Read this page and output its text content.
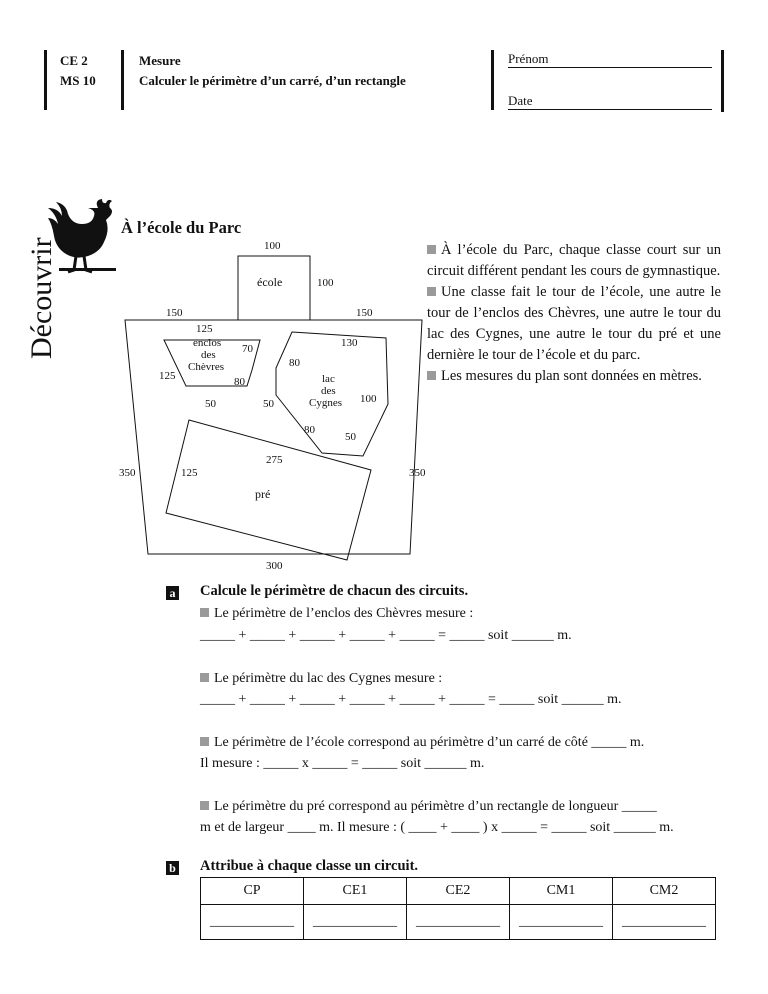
CE 2
MS 10
Mesure
Calculer le périmètre d’un carré, d’un rectangle
Prénom
Date
Découvrir
À l’école du Parc
100
école	100
150	150
125
enclos
des
Chèvres
70
80
125
50
130
80
lac
des
Cygnes 100
50
80
50
275
350	125	350
pré
300
À l’école du Parc, chaque classe court sur un circuit différent pendant les cours de gymnastique.
Une classe fait le tour de l’école, une autre le tour de l’enclos des Chèvres, une autre le tour du lac des Cygnes, une autre le tour du pré et une dernière le tour de l’école et du parc.
Les mesures du plan sont données en mètres.
a Calcule le périmètre de chacun des circuits.
Le périmètre de l’enclos des Chèvres mesure :
_____ + _____ + _____ + _____ + _____ = _____ soit ______ m.
Le périmètre du lac des Cygnes mesure :
_____ + _____ + _____ + _____ + _____ + _____ = _____ soit ______ m.
Le périmètre de l’école correspond au périmètre d’un carré de côté _____ m.
Il mesure : _____ x _____ = _____ soit ______ m.
Le périmètre du pré correspond au périmètre d’un rectangle de longueur _____
m et de largeur ____ m. Il mesure : ( ____ + ____ ) x _____ = _____ soit ______ m.
b Attribue à chaque classe un circuit.
CP	CE1	CE2	CM1	CM2
____________	____________	____________	____________	____________
